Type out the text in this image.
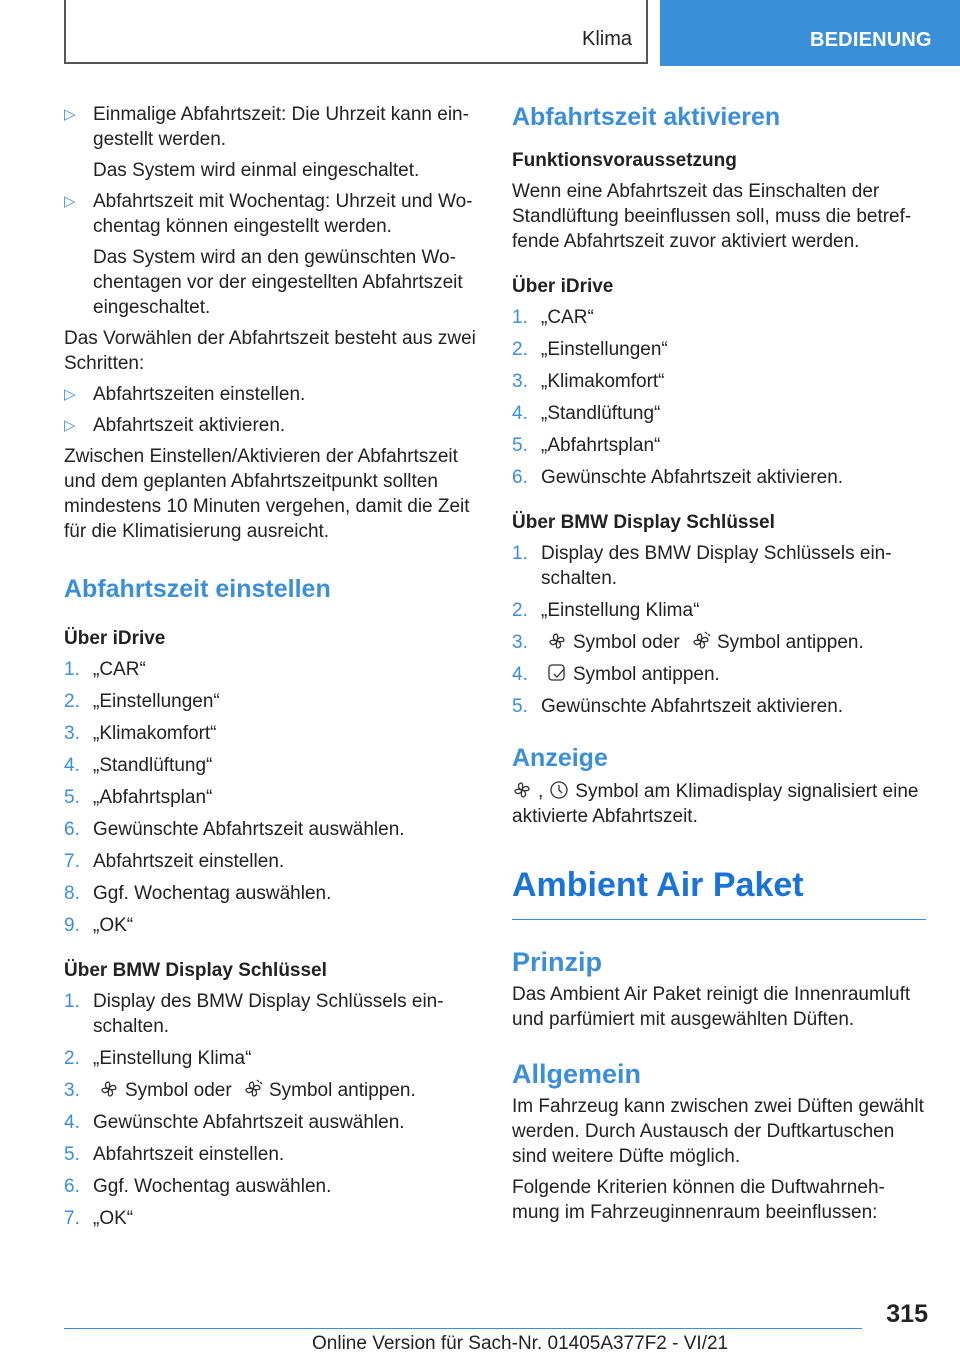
Klima	BEDIENUNG
▷ Einmalige Abfahrtszeit: Die Uhrzeit kann ein-
gestellt werden.
Das System wird einmal eingeschaltet.
▷ Abfahrtszeit mit Wochentag: Uhrzeit und Wo-
chentag können eingestellt werden.
Das System wird an den gewünschten Wo-
chentagen vor der eingestellten Abfahrtszeit
eingeschaltet.

Das Vorwählen der Abfahrtszeit besteht aus zwei Schritten:

▷ Abfahrtszeiten einstellen.
▷ Abfahrtszeit aktivieren.

Zwischen Einstellen/Aktivieren der Abfahrtszeit und dem geplanten Abfahrtszeitpunkt sollten mindestens 10 Minuten vergehen, damit die Zeit für die Klimatisierung ausreicht.

Abfahrtszeit einstellen
Über iDrive
1. „CAR“
2. „Einstellungen“
3. „Klimakomfort“
4. „Standlüftung“
5. „Abfahrtsplan“
6. Gewünschte Abfahrtszeit auswählen.
7. Abfahrtszeit einstellen.
8. Ggf. Wochentag auswählen.
9. „OK“
Über BMW Display Schlüssel
1. Display des BMW Display Schlüssels ein-
schalten.
2. „Einstellung Klima“
3. Symbol oder Symbol antippen.
4. Gewünschte Abfahrtszeit auswählen.
5. Abfahrtszeit einstellen.
6. Ggf. Wochentag auswählen.
7. „OK“
Abfahrtszeit aktivieren
Funktionsvoraussetzung

Wenn eine Abfahrtszeit das Einschalten der
Standlüftung beeinflussen soll, muss die betref-
fende Abfahrtszeit zuvor aktiviert werden.

Über iDrive
1. „CAR“
2. „Einstellungen“
3. „Klimakomfort“
4. „Standlüftung“
5. „Abfahrtsplan“
6. Gewünschte Abfahrtszeit aktivieren.
Über BMW Display Schlüssel
1. Display des BMW Display Schlüssels ein-
schalten.
2. „Einstellung Klima“
3. Symbol oder Symbol antippen.
4. Symbol antippen.
5. Gewünschte Abfahrtszeit aktivieren.
Anzeige

, Symbol am Klimadisplay signalisiert eine aktivierte Abfahrtszeit.

Ambient Air Paket
Prinzip

Das Ambient Air Paket reinigt die Innenraumluft und parfümiert mit ausgewählten Düften.

Allgemein

Im Fahrzeug kann zwischen zwei Düften gewählt werden. Durch Austausch der Duftkartuschen sind weitere Düfte möglich.

Folgende Kriterien können die Duftwahrneh-
mung im Fahrzeuginnenraum beeinflussen:

315
Online Version für Sach-Nr. 01405A377F2 - VI/21
